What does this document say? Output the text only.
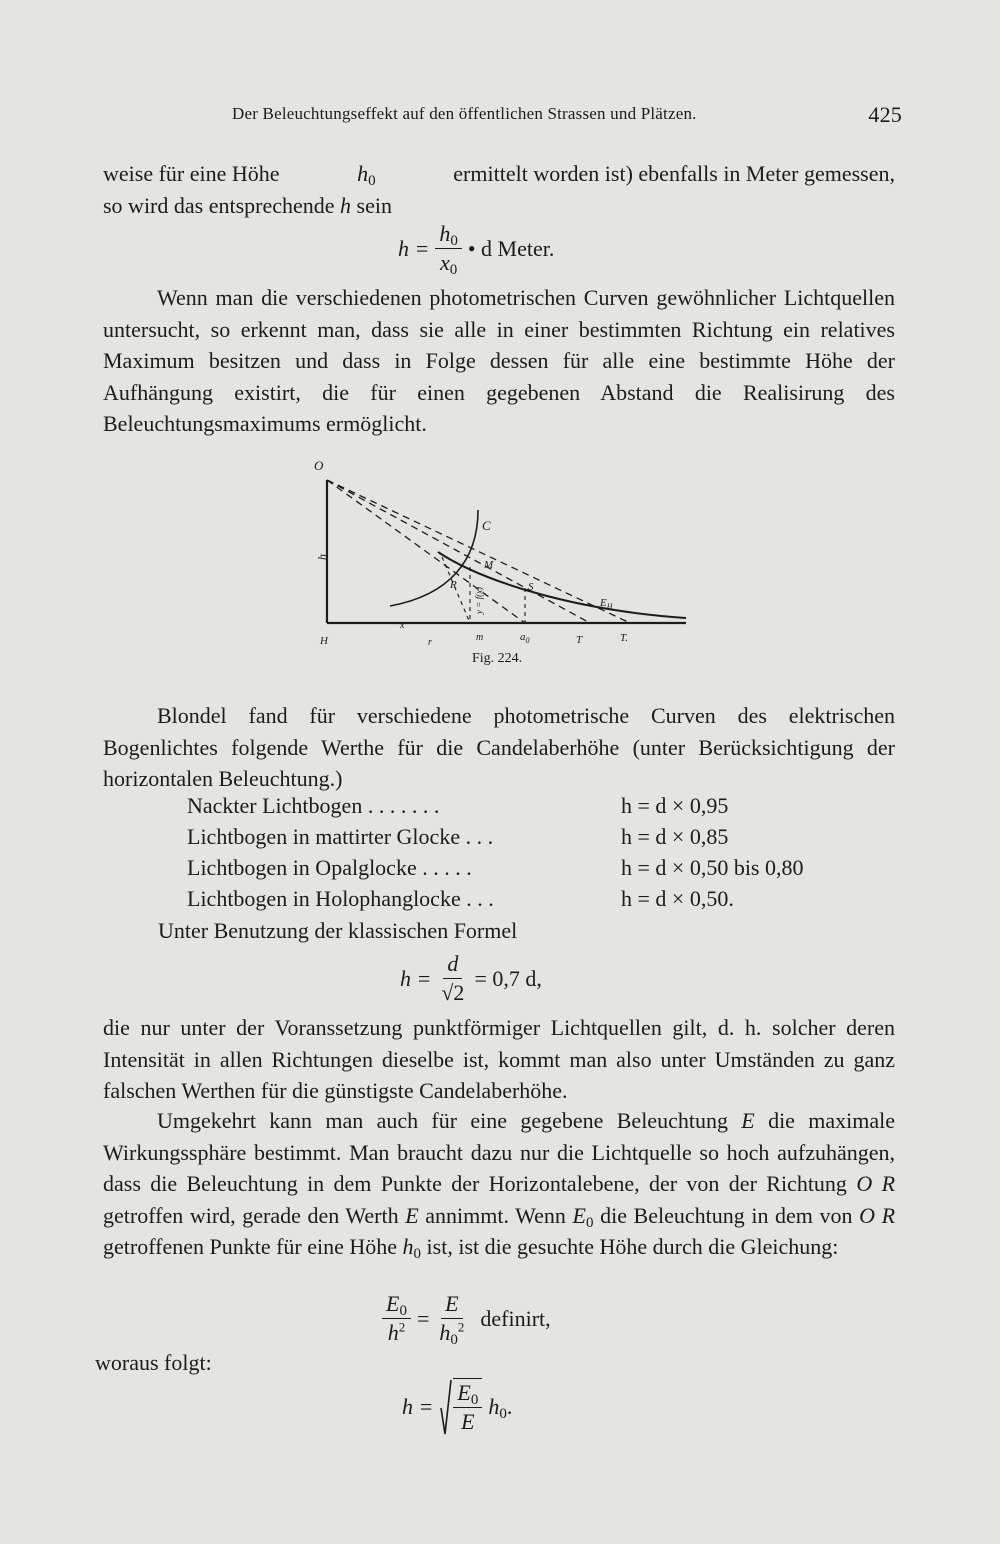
Der Beleuchtungseffekt auf den öffentlichen Strassen und Plätzen.	425
weise für eine Höhe	$h_0$	ermittelt worden ist) ebenfalls in Meter gemessen,
so wird das entsprechende h sein
$h = \frac{h_0}{x_0}$ • d Meter.
Wenn man die verschiedenen photometrischen Curven gewöhnlicher Lichtquellen untersucht, so erkennt man, dass sie alle in einer bestimmten Richtung ein relatives Maximum besitzen und dass in Folge dessen für alle eine bestimmte Höhe der Aufhängung existirt, die für einen gegebenen Abstand die Realisirung des Beleuchtungsmaximums ermöglicht.
O
C
M
R	S
$E_H$
H
x
r	m	$a_0$	T	T.
h
y = f(x)
Fig. 224.
Blondel fand für verschiedene photometrische Curven des elektrischen Bogenlichtes folgende Werthe für die Candelaberhöhe (unter Berücksichtigung der horizontalen Beleuchtung.)
Nackter Lichtbogen . . . . . . .	h = d × 0,95
Lichtbogen in mattirter Glocke . . .	h = d × 0,85
Lichtbogen in Opalglocke . . . . .	h = d × 0,50 bis 0,80
Lichtbogen in Holophanglocke . . .	h = d × 0,50.
Unter Benutzung der klassischen Formel
$h = \frac{d}{√2} = 0,7$ d,
die nur unter der Voranssetzung punktförmiger Lichtquellen gilt, d. h. solcher deren Intensität in allen Richtungen dieselbe ist, kommt man also unter Umständen zu ganz falschen Werthen für die günstigste Candelaberhöhe.
Umgekehrt kann man auch für eine gegebene Beleuchtung E die maximale Wirkungssphäre bestimmt. Man braucht dazu nur die Lichtquelle so hoch aufzuhängen, dass die Beleuchtung in dem Punkte der Horizontalebene, der von der Richtung O R getroffen wird, gerade den Werth E annimmt. Wenn $E_0$ die Beleuchtung in dem von O R getroffenen Punkte für eine Höhe $h_0$ ist, ist die gesuchte Höhe durch die Gleichung:
$\frac{E_0}{h^2} = \frac{E}{h_0^2}$ definirt,
woraus folgt:
$h = \frac{E_0}{E} h_0$.
